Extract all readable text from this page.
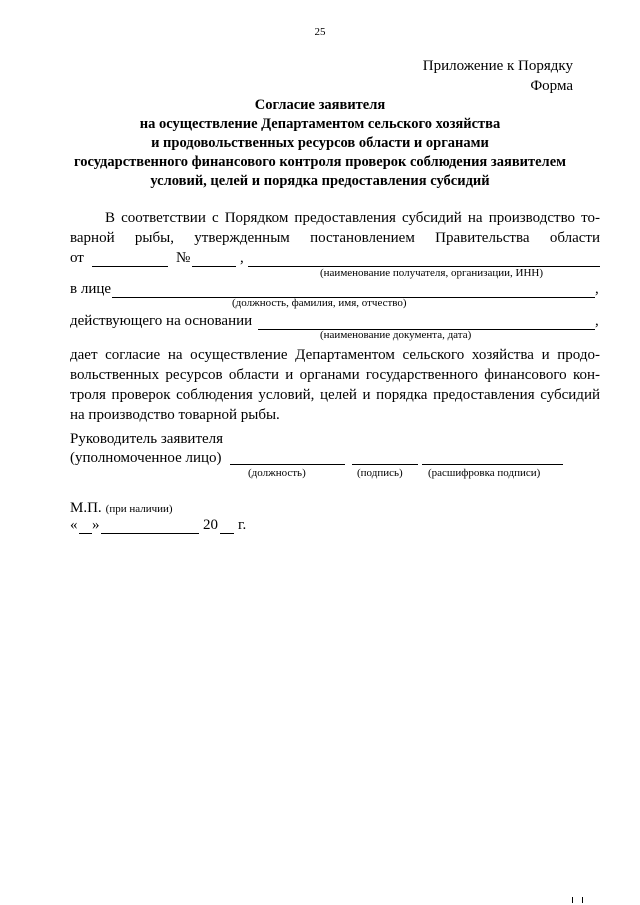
25
Приложение к Порядку
Форма
Согласие заявителя
на осуществление Департаментом сельского хозяйства
и продовольственных ресурсов области и органами
государственного финансового контроля проверок соблюдения заявителем
условий, целей и порядка предоставления субсидий
В соответствии с Порядком предоставления субсидий на производство то-
варной рыбы, утвержденным постановлением Правительства области
от	№	,
(наименование получателя, организации, ИНН)
в лице	,
(должность, фамилия, имя, отчество)
действующего на основании	,
(наименование документа, дата)
дает согласие на осуществление Департаментом сельского хозяйства и продо-
вольственных ресурсов области и органами государственного финансового кон-
троля проверок соблюдения условий, целей и порядка предоставления субсидий
на производство товарной рыбы.
Руководитель заявителя
(уполномоченное лицо)
(должность)	(подпись) (расшифровка подписи)
М.П. (при наличии)
« »	20 г.
